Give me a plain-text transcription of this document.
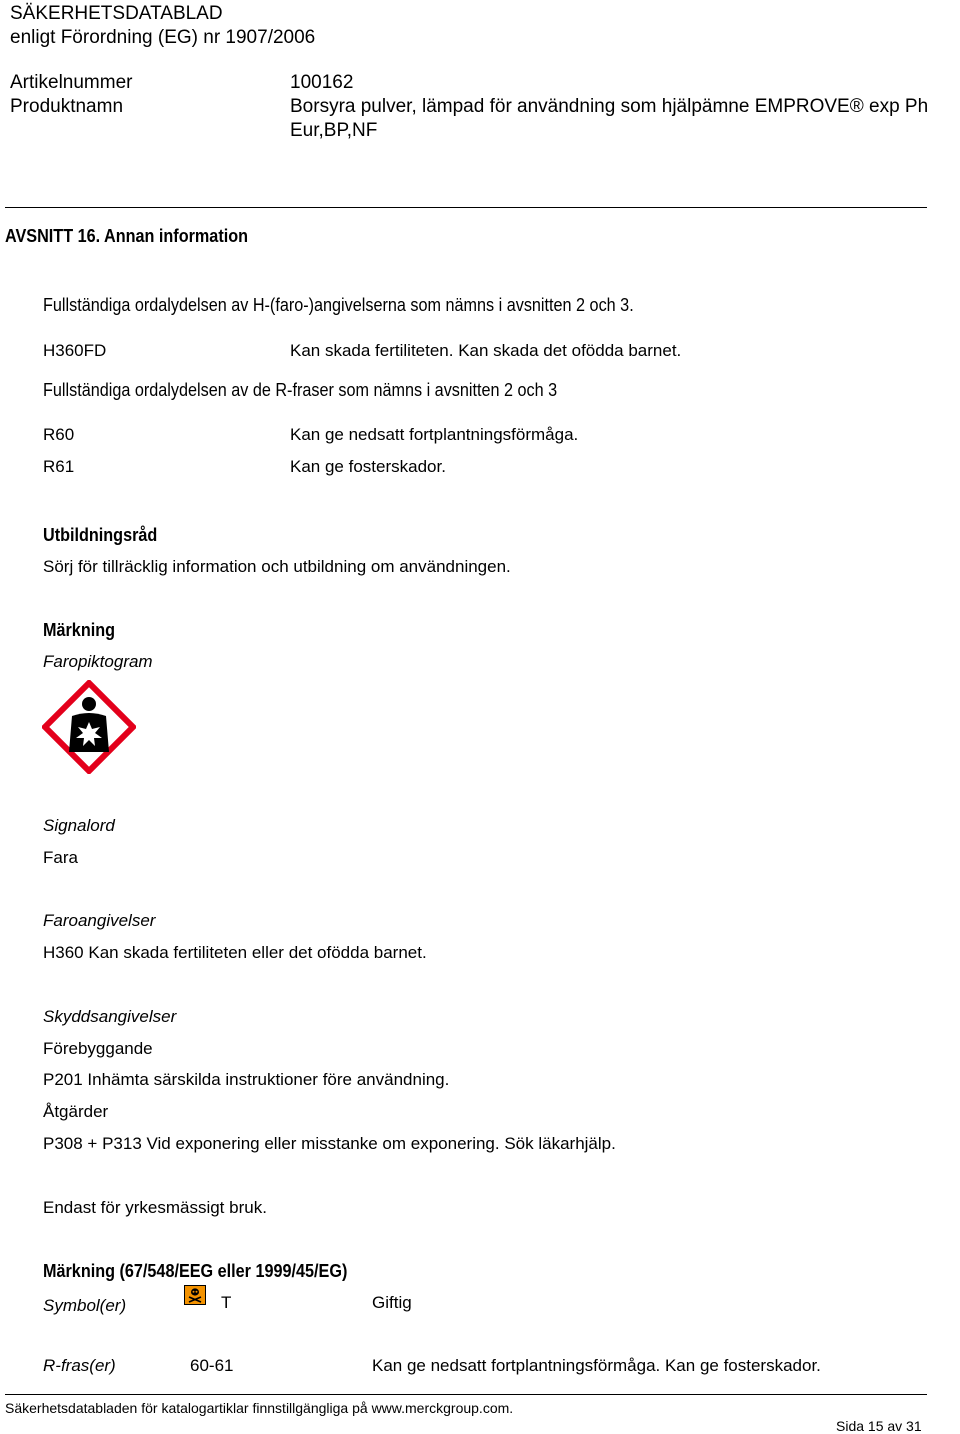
SÄKERHETSDATABLAD
enligt Förordning (EG) nr 1907/2006
Artikelnummer	100162
Produktnamn	Borsyra pulver, lämpad för användning som hjälpämne EMPROVE® exp Ph
Eur,BP,NF
AVSNITT 16. Annan information
Fullständiga ordalydelsen av H-(faro-)angivelserna som nämns i avsnitten 2 och 3.
H360FD	Kan skada fertiliteten. Kan skada det ofödda barnet.
Fullständiga ordalydelsen av de R-fraser som nämns i avsnitten 2 och 3
R60	Kan ge nedsatt fortplantningsförmåga.
R61	Kan ge fosterskador.
Utbildningsråd
Sörj för tillräcklig information och utbildning om användningen.
Märkning
Faropiktogram
Signalord
Fara
Faroangivelser
H360 Kan skada fertiliteten eller det ofödda barnet.
Skyddsangivelser
Förebyggande
P201 Inhämta särskilda instruktioner före användning.
Åtgärder
P308 + P313 Vid exponering eller misstanke om exponering. Sök läkarhjälp.
Endast för yrkesmässigt bruk.
Märkning (67/548/EEG eller 1999/45/EG)
Symbol(er)	T	Giftig
R-fras(er)	60-61	Kan ge nedsatt fortplantningsförmåga. Kan ge fosterskador.
Säkerhetsdatabladen för katalogartiklar finnstillgängliga på www.merckgroup.com.
Sida 15 av 31
